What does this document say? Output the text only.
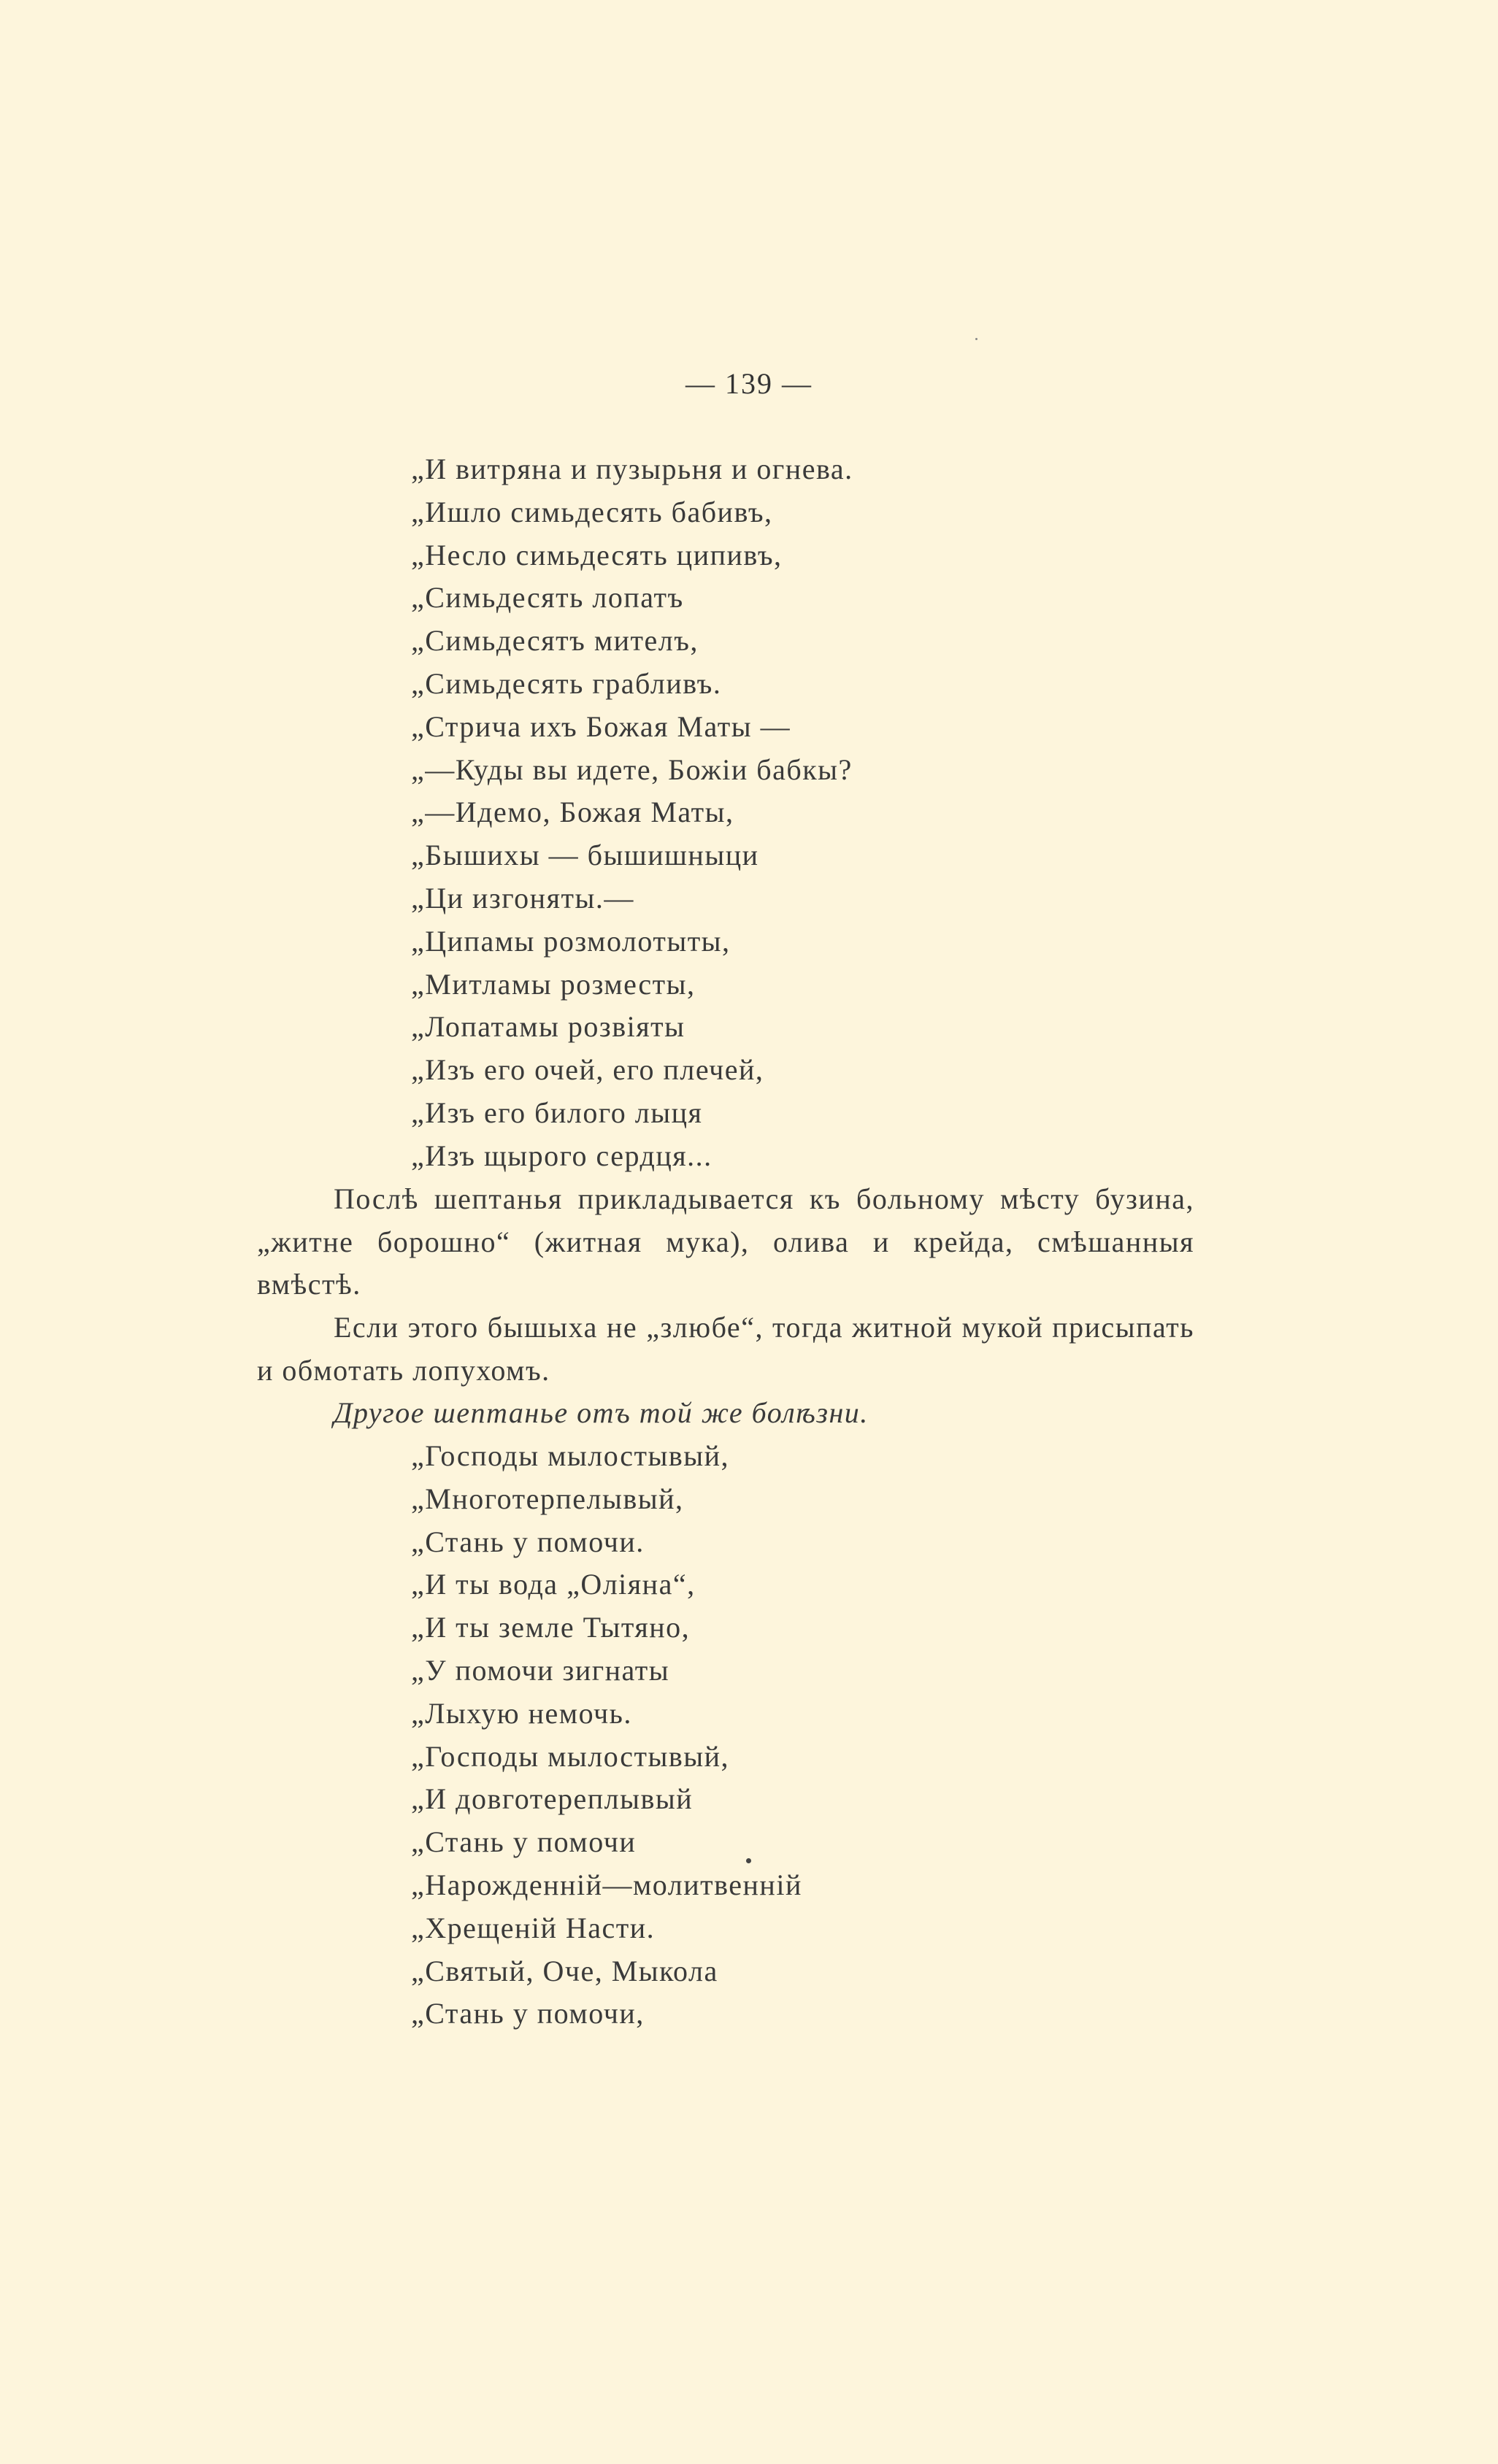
— 139 —
„И витряна и пузырьня и огнева.
„Ишло симьдесять бабивъ,
„Несло симьдесять ципивъ,
„Симьдесять лопатъ
„Симьдесятъ мителъ,
„Симьдесять грабливъ.
„Стрича ихъ Божая Маты —
„—Куды вы идете, Божіи бабкы?
„—Идемо, Божая Маты,
„Бышихы — бышишныци
„Ци изгоняты.—
„Ципамы розмолотыты,
„Митламы розместы,
„Лопатамы розвіяты
„Изъ его очей, его плечей,
„Изъ его билого лыця
„Изъ щырого сердця...

Послѣ шептанья прикладывается къ больному мѣсту бузина, „житне борошно“ (житная мука), олива и крейда, смѣшанныя вмѣстѣ.

Если этого бышыха не „злюбе“, тогда житной мукой присыпать и обмотать лопухомъ.

Другое шептанье отъ той же болѣзни.

„Господы мылостывый,
„Многотерпелывый,
„Стань у помочи.
„И ты вода „Оліяна“,
„И ты земле Тытяно,
„У помочи зигнаты
„Лыхую немочь.
„Господы мылостывый,
„И довготереплывый
„Стань у помочи
„Нарожденній—молитвенній
„Хрещеній Насти.
„Святый, Оче, Мыкола
„Стань у помочи,
